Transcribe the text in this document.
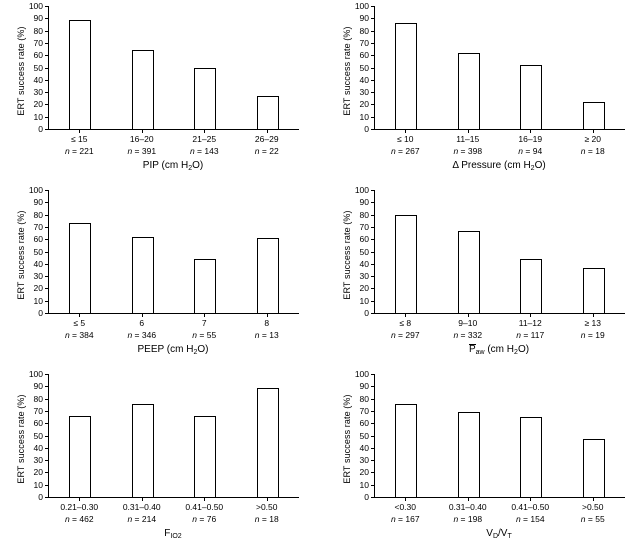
ERT success rate (%)
0
10
20
30
40
50
60
70
80
90
100
≤ 15
n = 221
16–20
n = 391
21–25
n = 143
26–29
n = 22
PIP (cm $H_2O$)
ERT success rate (%)
0
10
20
30
40
50
60
70
80
90
100
≤ 10
n = 267
11–15
n = 398
16–19
n = 94
≥ 20
n = 18
Δ Pressure (cm $H_2O$)
ERT success rate (%)
0
10
20
30
40
50
60
70
80
90
100
≤ 5
n = 384
6
n = 346
7
n = 55
8
n = 13
PEEP (cm $H_2O$)
ERT success rate (%)
0
10
20
30
40
50
60
70
80
90
100
≤ 8
n = 297
9–10
n = 332
11–12
n = 117
≥ 13
n = 19
$P_{aw}$ (cm $H_2O$)
ERT success rate (%)
0
10
20
30
40
50
60
70
80
90
100
0.21–0.30
n = 462
0.31–0.40
n = 214
0.41–0.50
n = 76
>0.50
n = 18
$F_{IO2}$
ERT success rate (%)
0
10
20
30
40
50
60
70
80
90
100
<0.30
n = 167
0.31–0.40
n = 198
0.41–0.50
n = 154
>0.50
n = 55
$V_D/V_T$
